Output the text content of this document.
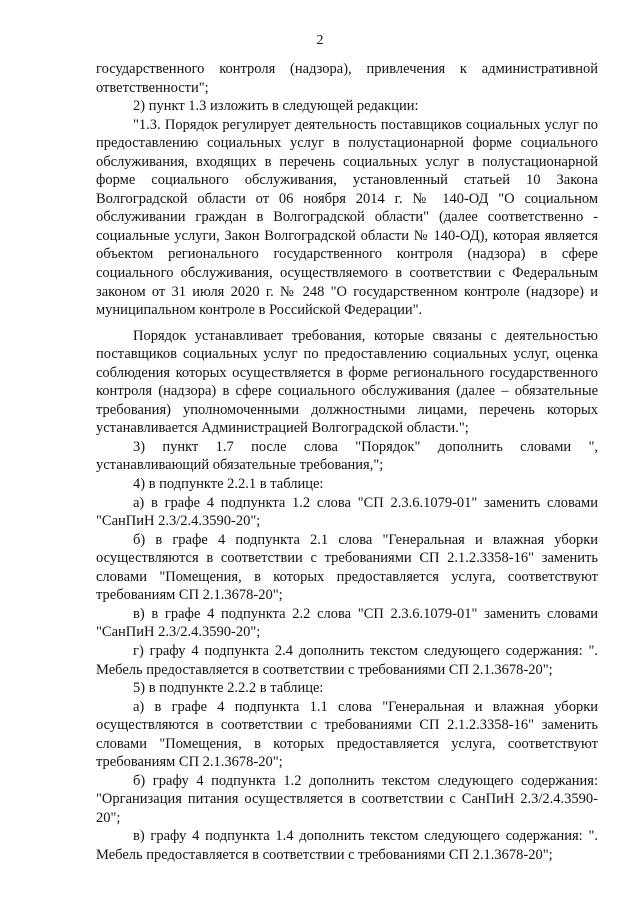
2

государственного контроля (надзора), привлечения к административной ответственности";

2) пункт 1.3 изложить в следующей редакции:

"1.3. Порядок регулирует деятельность поставщиков социальных услуг по предоставлению социальных услуг в полустационарной форме социального обслуживания, входящих в перечень социальных услуг в полустационарной форме социального обслуживания, установленный статьей 10 Закона Волгоградской области от 06 ноября 2014 г. № 140-ОД "О социальном обслуживании граждан в Волгоградской области" (далее соответственно - социальные услуги, Закон Волгоградской области № 140-ОД), которая является объектом регионального государственного контроля (надзора) в сфере социального обслуживания, осуществляемого в соответствии с Федеральным законом от 31 июля 2020 г. № 248 "О государственном контроле (надзоре) и муниципальном контроле в Российской Федерации".

Порядок устанавливает требования, которые связаны с деятельностью поставщиков социальных услуг по предоставлению социальных услуг, оценка соблюдения которых осуществляется в форме регионального государственного контроля (надзора) в сфере социального обслуживания (далее – обязательные требования) уполномоченными должностными лицами, перечень которых устанавливается Администрацией Волгоградской области.";

3) пункт 1.7 после слова "Порядок" дополнить словами ", устанавливающий обязательные требования,";

4) в подпункте 2.2.1 в таблице:

а) в графе 4 подпункта 1.2 слова "СП 2.3.6.1079-01" заменить словами "СанПиН 2.3/2.4.3590-20";

б) в графе 4 подпункта 2.1 слова "Генеральная и влажная уборки осуществляются в соответствии с требованиями СП 2.1.2.3358-16" заменить словами "Помещения, в которых предоставляется услуга, соответствуют требованиям СП 2.1.3678-20";

в) в графе 4 подпункта 2.2 слова "СП 2.3.6.1079-01" заменить словами "СанПиН 2.3/2.4.3590-20";

г) графу 4 подпункта 2.4 дополнить текстом следующего содержания: ". Мебель предоставляется в соответствии с требованиями СП 2.1.3678-20";

5) в подпункте 2.2.2 в таблице:

а) в графе 4 подпункта 1.1 слова "Генеральная и влажная уборки осуществляются в соответствии с требованиями СП 2.1.2.3358-16" заменить словами "Помещения, в которых предоставляется услуга, соответствуют требованиям СП 2.1.3678-20";

б) графу 4 подпункта 1.2 дополнить текстом следующего содержания: "Организация питания осуществляется в соответствии с СанПиН 2.3/2.4.3590-20";

в) графу 4 подпункта 1.4 дополнить текстом следующего содержания: ". Мебель предоставляется в соответствии с требованиями СП 2.1.3678-20";
